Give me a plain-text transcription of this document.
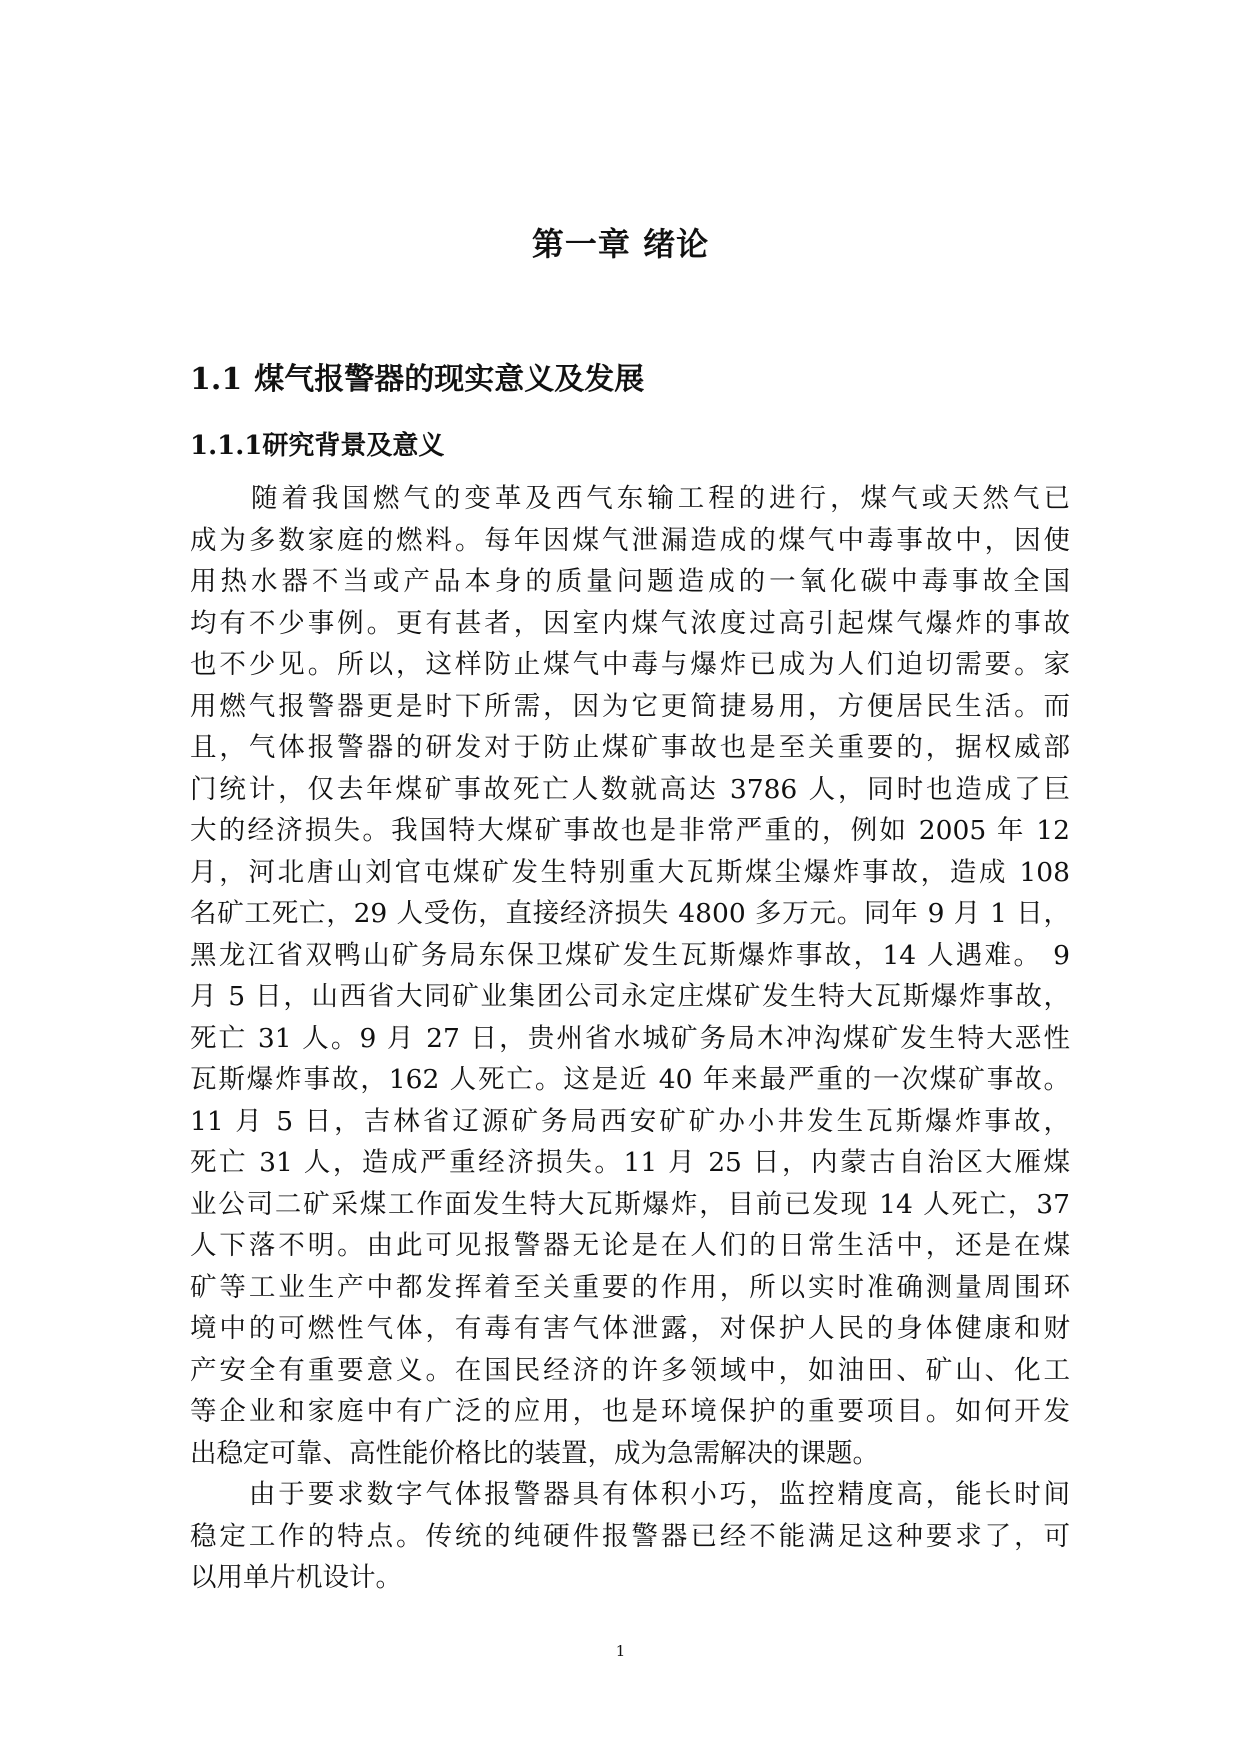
第一章 绪论
1.1 煤气报警器的现实意义及发展
1.1.1研究背景及意义
　　随着我国燃气的变革及西气东输工程的进行，煤气或天然气已
成为多数家庭的燃料。每年因煤气泄漏造成的煤气中毒事故中，因使
用热水器不当或产品本身的质量问题造成的一氧化碳中毒事故全国
均有不少事例。更有甚者，因室内煤气浓度过高引起煤气爆炸的事故
也不少见。所以，这样防止煤气中毒与爆炸已成为人们迫切需要。家
用燃气报警器更是时下所需，因为它更简捷易用，方便居民生活。而
且，气体报警器的研发对于防止煤矿事故也是至关重要的，据权威部
门统计，仅去年煤矿事故死亡人数就高达 3786 人，同时也造成了巨
大的经济损失。我国特大煤矿事故也是非常严重的，例如 2005 年 12
月，河北唐山刘官屯煤矿发生特别重大瓦斯煤尘爆炸事故，造成 108
名矿工死亡，29 人受伤，直接经济损失 4800 多万元。同年 9 月 1 日，
黑龙江省双鸭山矿务局东保卫煤矿发生瓦斯爆炸事故，14 人遇难。 9
月 5 日，山西省大同矿业集团公司永定庄煤矿发生特大瓦斯爆炸事故，
死亡 31 人。9 月 27 日，贵州省水城矿务局木冲沟煤矿发生特大恶性
瓦斯爆炸事故，162 人死亡。这是近 40 年来最严重的一次煤矿事故。
11 月 5 日，吉林省辽源矿务局西安矿矿办小井发生瓦斯爆炸事故，
死亡 31 人，造成严重经济损失。11 月 25 日，内蒙古自治区大雁煤
业公司二矿采煤工作面发生特大瓦斯爆炸，目前已发现 14 人死亡，37
人下落不明。由此可见报警器无论是在人们的日常生活中，还是在煤
矿等工业生产中都发挥着至关重要的作用，所以实时准确测量周围环
境中的可燃性气体，有毒有害气体泄露，对保护人民的身体健康和财
产安全有重要意义。在国民经济的许多领域中，如油田、矿山、化工
等企业和家庭中有广泛的应用，也是环境保护的重要项目。如何开发
出稳定可靠、高性能价格比的装置，成为急需解决的课题。
　　由于要求数字气体报警器具有体积小巧，监控精度高，能长时间
稳定工作的特点。传统的纯硬件报警器已经不能满足这种要求了，可
以用单片机设计。
1
